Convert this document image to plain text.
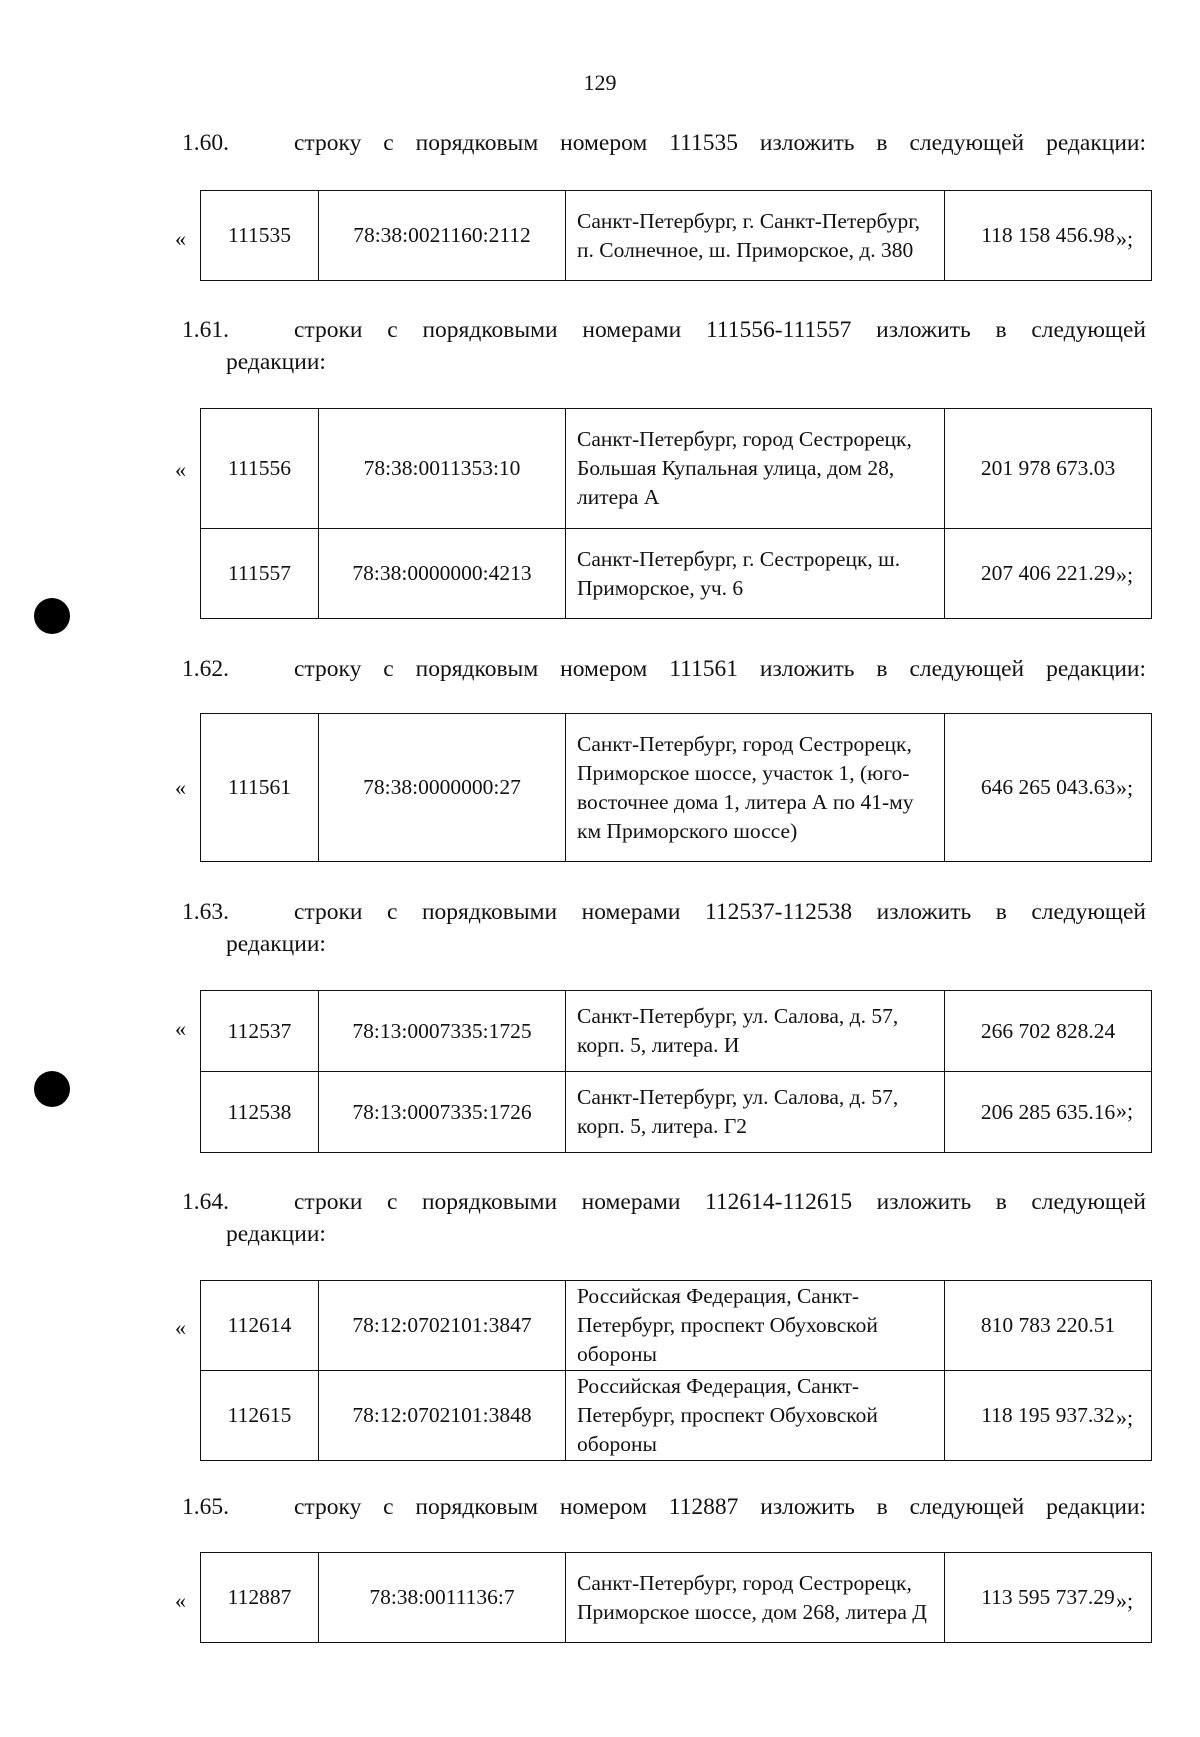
129
1.60.	строку с порядковым номером 111535 изложить в следующей редакции:
« 111535	78:38:0021160:2112	Санкт-Петербург, г. Санкт-Петербург, п. Солнечное, ш. Приморское, д. 380	118 158 456.98 »;
1.61.	строки с порядковыми номерами 111556-111557 изложить в следующей
редакции:
« 111556	78:38:0011353:10	Санкт-Петербург, город Сестрорецк, Большая Купальная улица, дом 28, литера А	201 978 673.03
111557	78:38:0000000:4213	Санкт-Петербург, г. Сестрорецк, ш. Приморское, уч. 6	207 406 221.29 »;
1.62.	строку с порядковым номером 111561 изложить в следующей редакции:
« 111561	78:38:0000000:27	Санкт-Петербург, город Сестрорецк, Приморское шоссе, участок 1, (юго-восточнее дома 1, литера А по 41-му км Приморского шоссе)	646 265 043.63 »;
1.63.	строки с порядковыми номерами 112537-112538 изложить в следующей
редакции:
« 112537	78:13:0007335:1725	Санкт-Петербург, ул. Салова, д. 57, корп. 5, литера. И	266 702 828.24
112538	78:13:0007335:1726	Санкт-Петербург, ул. Салова, д. 57, корп. 5, литера. Г2	206 285 635.16 »;
1.64.	строки с порядковыми номерами 112614-112615 изложить в следующей
редакции:
« 112614	78:12:0702101:3847	Российская Федерация, Санкт-Петербург, проспект Обуховской обороны	810 783 220.51
112615	78:12:0702101:3848	Российская Федерация, Санкт-Петербург, проспект Обуховской обороны	118 195 937.32 »;
1.65.	строку с порядковым номером 112887 изложить в следующей редакции:
« 112887	78:38:0011136:7	Санкт-Петербург, город Сестрорецк, Приморское шоссе, дом 268, литера Д	113 595 737.29 »;
